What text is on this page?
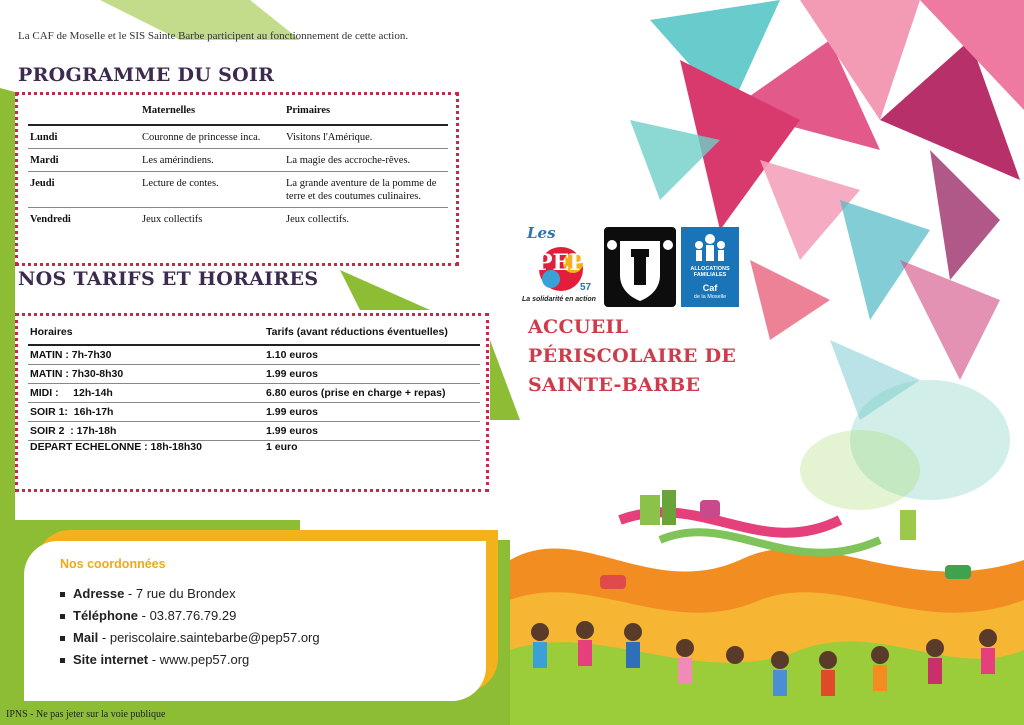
La CAF de Moselle et le SIS Sainte Barbe participent au fonctionnement de cette action.
PROGRAMME DU SOIR
	Maternelles	Primaires
Lundi	Couronne de princesse inca.	Visitons l'Amérique.
Mardi	Les amérindiens.	La magie des accroche-rêves.
Jeudi	Lecture de contes.	La grande aventure de la pomme de terre et des coutumes culinaires.
Vendredi	Jeux collectifs	Jeux collectifs.
NOS TARIFS ET HORAIRES
Horaires	Tarifs (avant réductions éventuelles)
MATIN : 7h-7h30	1.10 euros
MATIN : 7h30-8h30	1.99 euros
MIDI :     12h-14h	6.80 euros (prise en charge + repas)
SOIR 1:  16h-17h	1.99 euros
SOIR 2  : 17h-18h	1.99 euros
DEPART ECHELONNE : 18h-18h30	1 euro
Nos coordonnées
Adresse - 7 rue du Brondex
Téléphone - 03.87.76.79.29
Mail - periscolaire.saintebarbe@pep57.org
Site internet - www.pep57.org
IPNS - Ne pas jeter sur la voie publique
Les
PEP
57
La solidarité en action
ALLOCATIONS
FAMILIALES
Caf
de la Moselle
ACCUEIL
PÉRISCOLAIRE DE
SAINTE-BARBE
